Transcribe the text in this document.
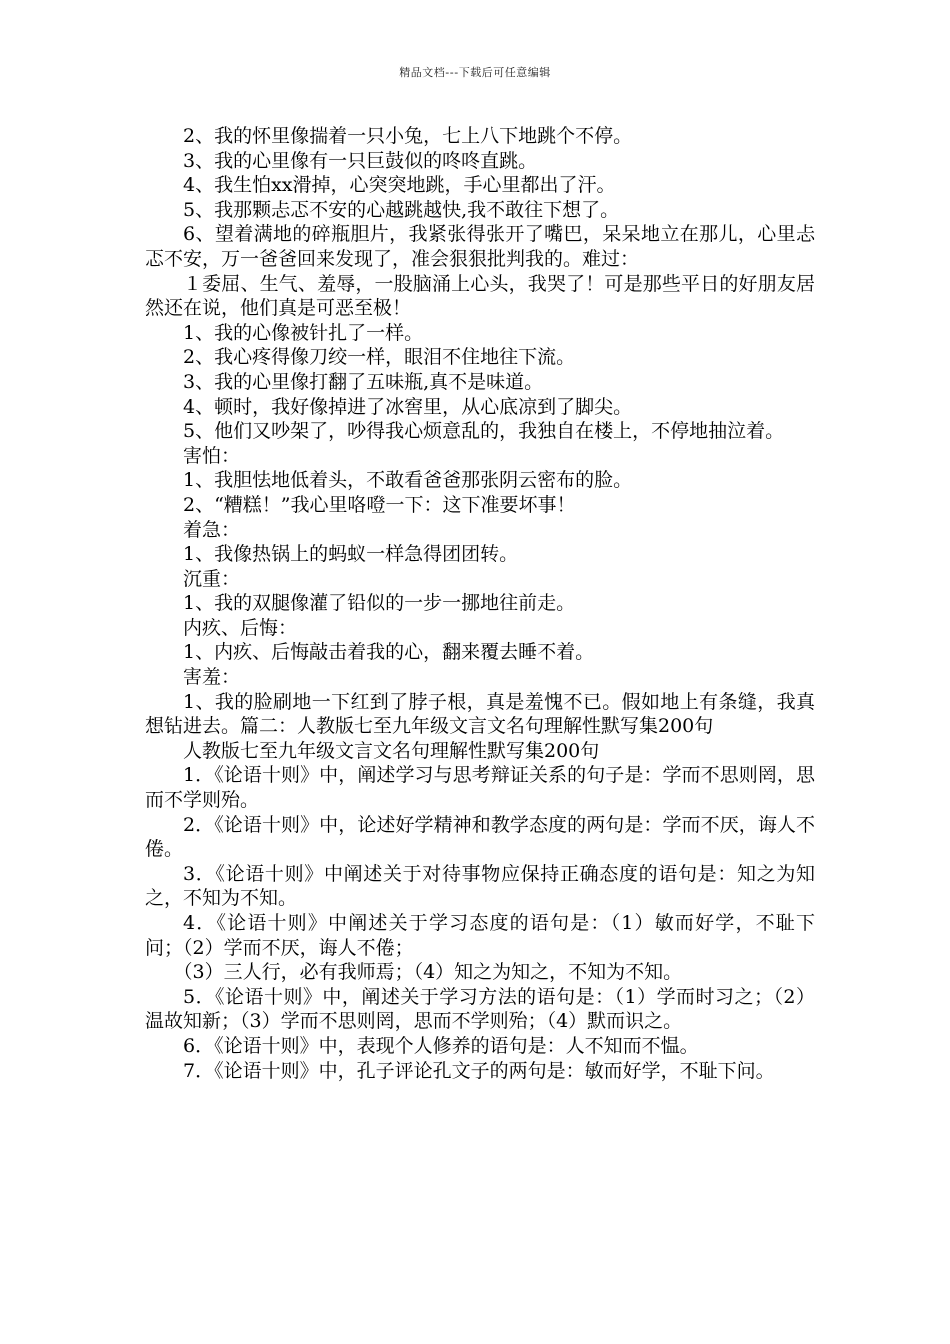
精品文档---下载后可任意编辑

2、我的怀里像揣着一只小兔，七上八下地跳个不停。

3、我的心里像有一只巨鼓似的咚咚直跳。

4、我生怕xx滑掉，心突突地跳，手心里都出了汗。

5、我那颗忐忑不安的心越跳越快,我不敢往下想了。

6、望着满地的碎瓶胆片，我紧张得张开了嘴巴，呆呆地立在那儿，心里忐忑不安，万一爸爸回来发现了，准会狠狠批判我的。难过：

１委屈、生气、羞辱，一股脑涌上心头，我哭了！可是那些平日的好朋友居然还在说，他们真是可恶至极！

1、我的心像被针扎了一样。

2、我心疼得像刀绞一样，眼泪不住地往下流。

3、我的心里像打翻了五味瓶,真不是味道。

4、顿时，我好像掉进了冰窖里，从心底凉到了脚尖。

5、他们又吵架了，吵得我心烦意乱的，我独自在楼上，不停地抽泣着。

害怕：

1、我胆怯地低着头，不敢看爸爸那张阴云密布的脸。

2、“糟糕！”我心里咯噔一下：这下准要坏事！

着急：

1、我像热锅上的蚂蚁一样急得团团转。

沉重：

1、我的双腿像灌了铅似的一步一挪地往前走。

内疚、后悔：

1、内疚、后悔敲击着我的心，翻来覆去睡不着。

害羞：

1、我的脸刷地一下红到了脖子根，真是羞愧不已。假如地上有条缝，我真想钻进去。篇二：人教版七至九年级文言文名句理解性默写集200句

人教版七至九年级文言文名句理解性默写集200句

1．《论语十则》中，阐述学习与思考辩证关系的句子是：学而不思则罔，思而不学则殆。

2．《论语十则》中，论述好学精神和教学态度的两句是：学而不厌，诲人不倦。

3．《论语十则》中阐述关于对待事物应保持正确态度的语句是：知之为知之，不知为不知。

4．《论语十则》中阐述关于学习态度的语句是：（1）敏而好学，不耻下问；（2）学而不厌，诲人不倦；

（3）三人行，必有我师焉；（4）知之为知之，不知为不知。

5．《论语十则》中，阐述关于学习方法的语句是：（1）学而时习之；（2）温故知新；（3）学而不思则罔，思而不学则殆；（4）默而识之。

6．《论语十则》中，表现个人修养的语句是：人不知而不愠。

7．《论语十则》中，孔子评论孔文子的两句是：敏而好学，不耻下问。
